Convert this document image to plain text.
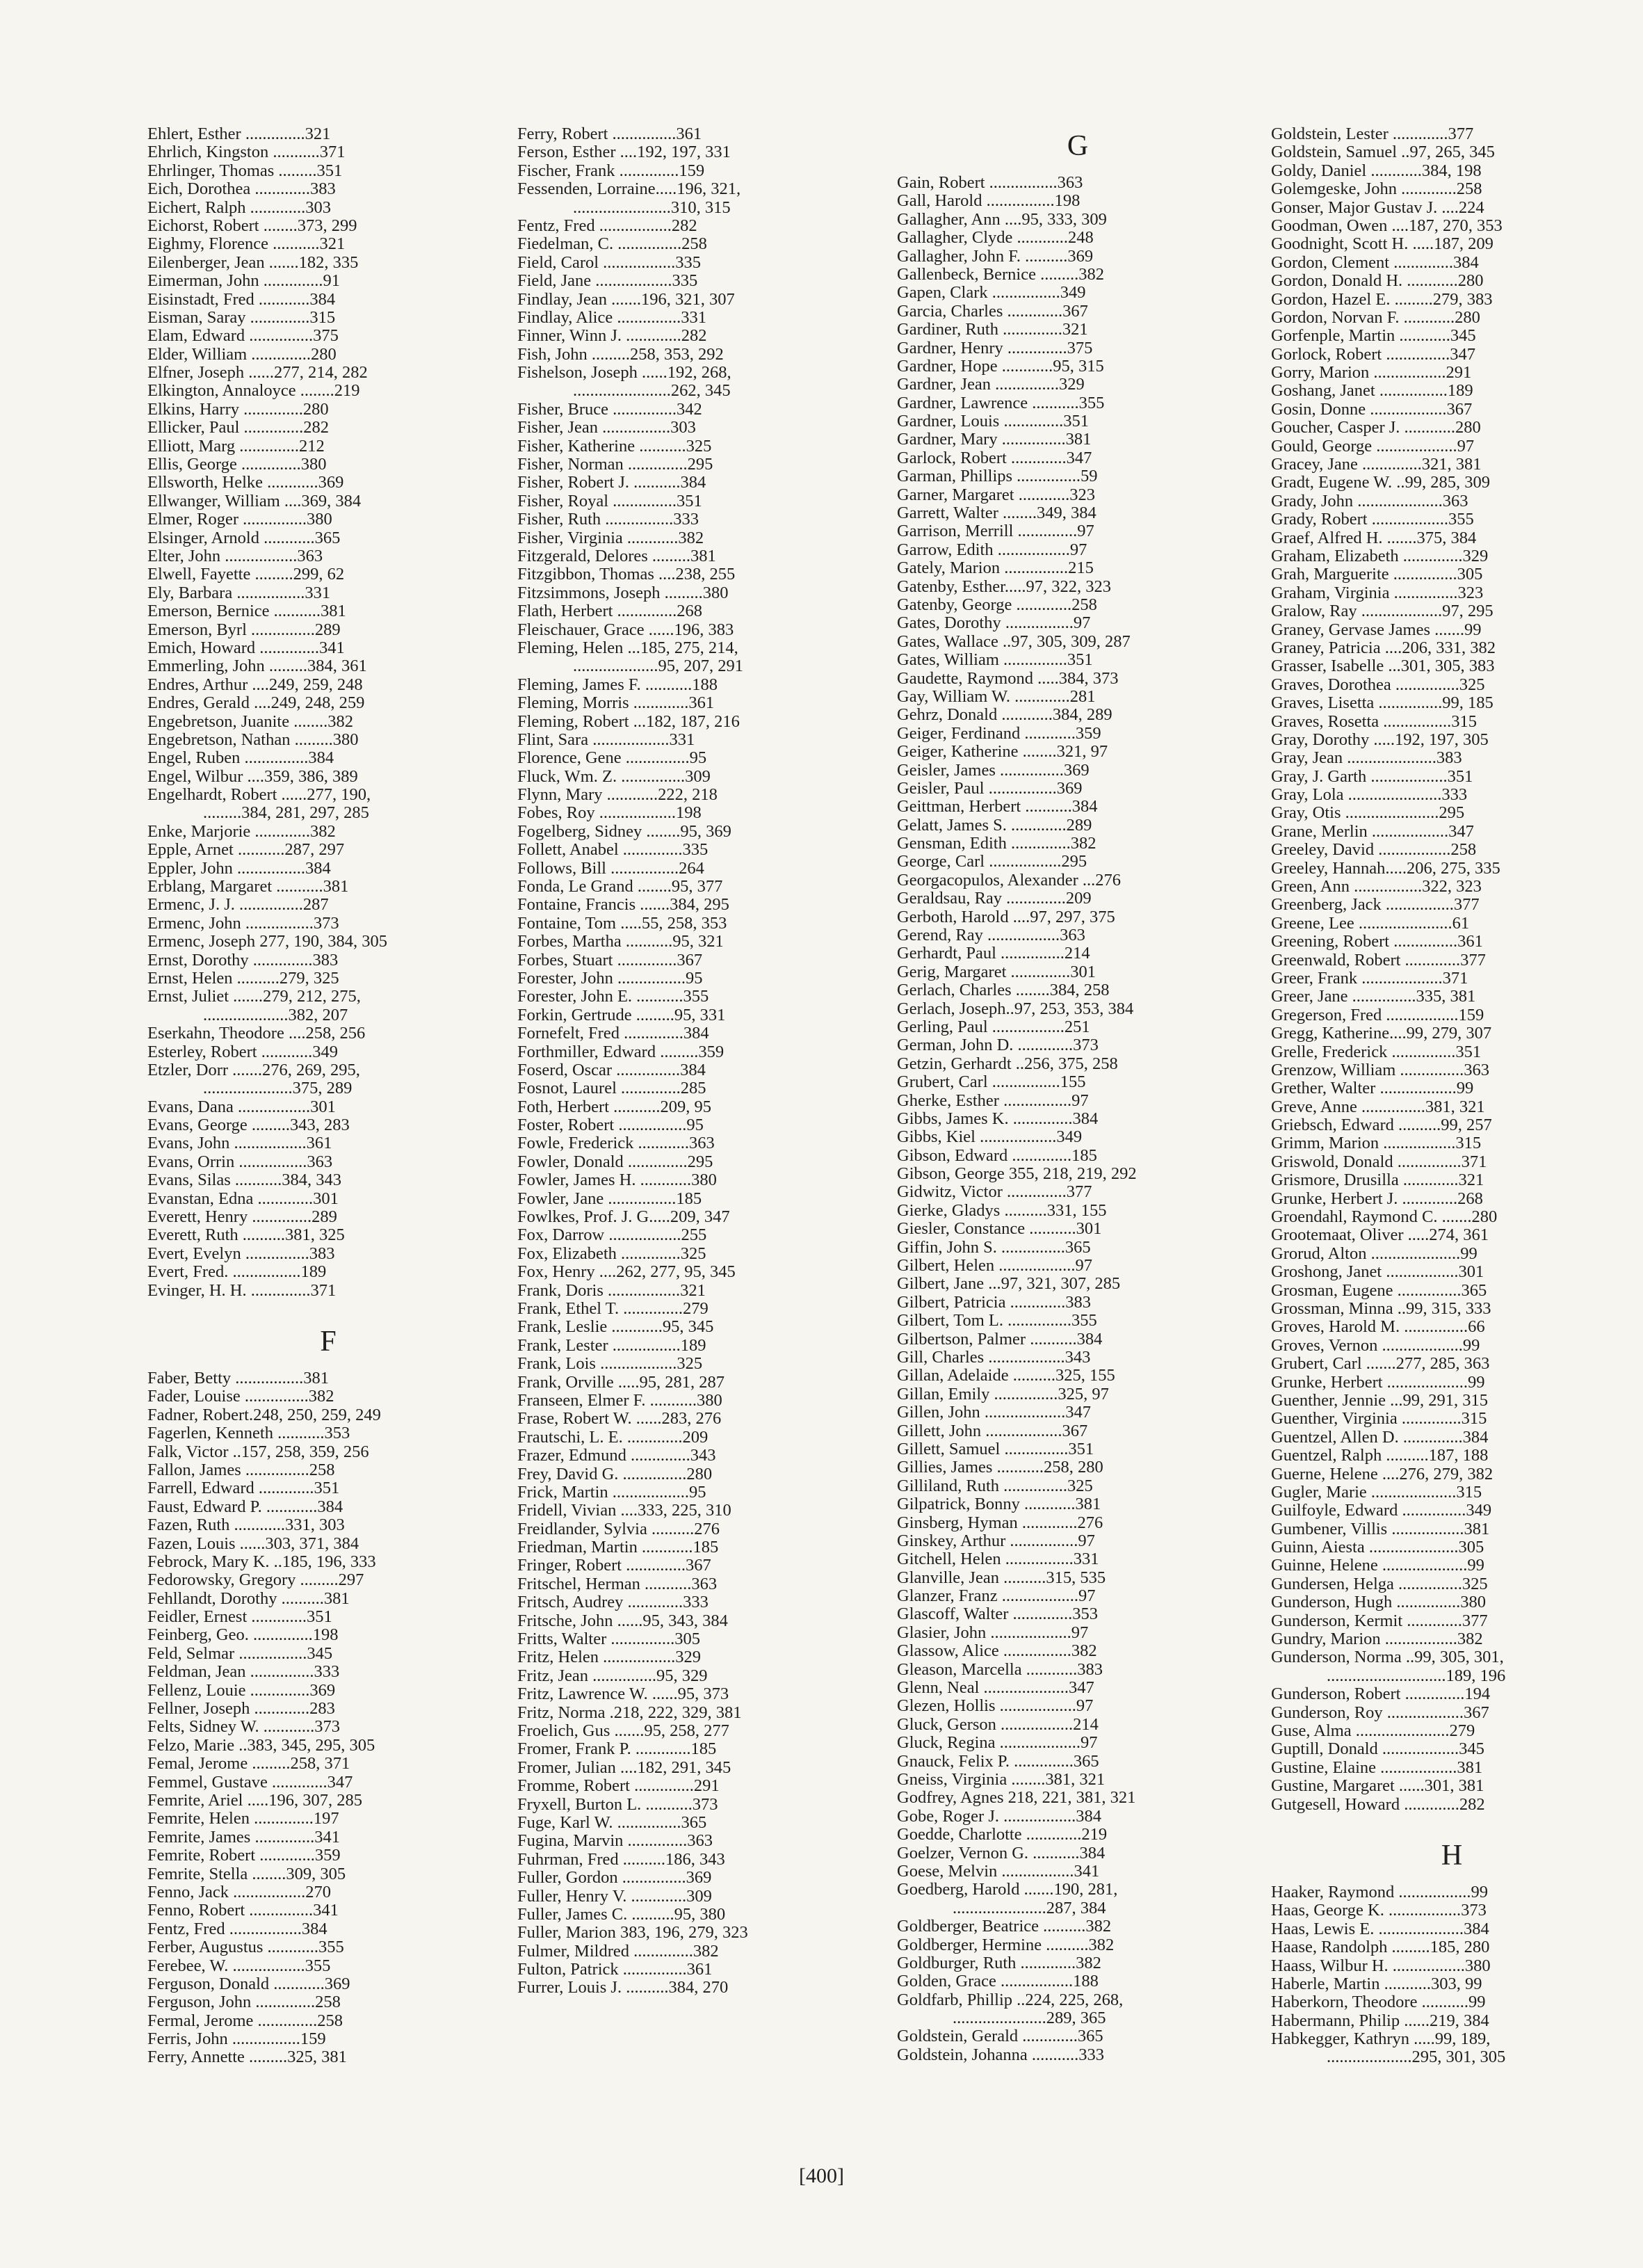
Ehlert, Esther ..............321
Ehrlich, Kingston ...........371
Ehrlinger, Thomas .........351
Eich, Dorothea .............383
Eichert, Ralph .............303
Eichorst, Robert ........373, 299
Eighmy, Florence ...........321
Eilenberger, Jean .......182, 335
Eimerman, John ..............91
Eisinstadt, Fred ............384
Eisman, Saray ..............315
Elam, Edward ...............375
Elder, William ..............280
Elfner, Joseph ......277, 214, 282
Elkington, Annaloyce ........219
Elkins, Harry ..............280
Ellicker, Paul ..............282
Elliott, Marg ..............212
Ellis, George ..............380
Ellsworth, Helke ............369
Ellwanger, William ....369, 384
Elmer, Roger ...............380
Elsinger, Arnold ............365
Elter, John .................363
Elwell, Fayette .........299, 62
Ely, Barbara ................331
Emerson, Bernice ...........381
Emerson, Byrl ...............289
Emich, Howard ..............341
Emmerling, John .........384, 361
Endres, Arthur ....249, 259, 248
Endres, Gerald ....249, 248, 259
Engebretson, Juanite ........382
Engebretson, Nathan .........380
Engel, Ruben ...............384
Engel, Wilbur ....359, 386, 389
Engelhardt, Robert ......277, 190,
.........384, 281, 297, 285
Enke, Marjorie .............382
Epple, Arnet ...........287, 297
Eppler, John ................384
Erblang, Margaret ...........381
Ermenc, J. J. ...............287
Ermenc, John ................373
Ermenc, Joseph 277, 190, 384, 305
Ernst, Dorothy ..............383
Ernst, Helen ..........279, 325
Ernst, Juliet .......279, 212, 275,
....................382, 207
Eserkahn, Theodore ....258, 256
Esterley, Robert ............349
Etzler, Dorr .......276, 269, 295,
.....................375, 289
Evans, Dana .................301
Evans, George .........343, 283
Evans, John .................361
Evans, Orrin ................363
Evans, Silas ...........384, 343
Evanstan, Edna .............301
Everett, Henry ..............289
Everett, Ruth ..........381, 325
Evert, Evelyn ...............383
Evert, Fred. ................189
Evinger, H. H. ..............371
F
Faber, Betty ................381
Fader, Louise ...............382
Fadner, Robert.248, 250, 259, 249
Fagerlen, Kenneth ...........353
Falk, Victor ..157, 258, 359, 256
Fallon, James ...............258
Farrell, Edward .............351
Faust, Edward P. ............384
Fazen, Ruth ............331, 303
Fazen, Louis ......303, 371, 384
Febrock, Mary K. ..185, 196, 333
Fedorowsky, Gregory .........297
Fehllandt, Dorothy ..........381
Feidler, Ernest .............351
Feinberg, Geo. ..............198
Feld, Selmar ................345
Feldman, Jean ...............333
Fellenz, Louie ..............369
Fellner, Joseph .............283
Felts, Sidney W. ............373
Felzo, Marie ..383, 345, 295, 305
Femal, Jerome .........258, 371
Femmel, Gustave .............347
Femrite, Ariel .....196, 307, 285
Femrite, Helen ..............197
Femrite, James ..............341
Femrite, Robert .............359
Femrite, Stella ........309, 305
Fenno, Jack .................270
Fenno, Robert ...............341
Fentz, Fred .................384
Ferber, Augustus ............355
Ferebee, W. .................355
Ferguson, Donald ............369
Ferguson, John ..............258
Fermal, Jerome ..............258
Ferris, John ................159
Ferry, Annette .........325, 381
Ferry, Robert ...............361
Ferson, Esther ....192, 197, 331
Fischer, Frank ..............159
Fessenden, Lorraine.....196, 321,
.......................310, 315
Fentz, Fred .................282
Fiedelman, C. ...............258
Field, Carol .................335
Field, Jane ..................335
Findlay, Jean .......196, 321, 307
Findlay, Alice ...............331
Finner, Winn J. .............282
Fish, John .........258, 353, 292
Fishelson, Joseph ......192, 268,
.......................262, 345
Fisher, Bruce ...............342
Fisher, Jean ................303
Fisher, Katherine ...........325
Fisher, Norman ..............295
Fisher, Robert J. ...........384
Fisher, Royal ...............351
Fisher, Ruth ................333
Fisher, Virginia ............382
Fitzgerald, Delores .........381
Fitzgibbon, Thomas ....238, 255
Fitzsimmons, Joseph .........380
Flath, Herbert ..............268
Fleischauer, Grace ......196, 383
Fleming, Helen ...185, 275, 214,
....................95, 207, 291
Fleming, James F. ...........188
Fleming, Morris .............361
Fleming, Robert ...182, 187, 216
Flint, Sara ..................331
Florence, Gene ...............95
Fluck, Wm. Z. ...............309
Flynn, Mary ............222, 218
Fobes, Roy ..................198
Fogelberg, Sidney ........95, 369
Follett, Anabel ..............335
Follows, Bill ................264
Fonda, Le Grand ........95, 377
Fontaine, Francis .......384, 295
Fontaine, Tom .....55, 258, 353
Forbes, Martha ...........95, 321
Forbes, Stuart ..............367
Forester, John ................95
Forester, John E. ...........355
Forkin, Gertrude .........95, 331
Fornefelt, Fred ..............384
Forthmiller, Edward .........359
Foserd, Oscar ...............384
Fosnot, Laurel ..............285
Foth, Herbert ...........209, 95
Foster, Robert ................95
Fowle, Frederick ............363
Fowler, Donald ..............295
Fowler, James H. ............380
Fowler, Jane ................185
Fowlkes, Prof. J. G.....209, 347
Fox, Darrow .................255
Fox, Elizabeth ..............325
Fox, Henry ....262, 277, 95, 345
Frank, Doris .................321
Frank, Ethel T. ..............279
Frank, Leslie ............95, 345
Frank, Lester ................189
Frank, Lois ..................325
Frank, Orville .....95, 281, 287
Franseen, Elmer F. ...........380
Frase, Robert W. ......283, 276
Frautschi, L. E. .............209
Frazer, Edmund ..............343
Frey, David G. ...............280
Frick, Martin ..................95
Fridell, Vivian ....333, 225, 310
Freidlander, Sylvia ..........276
Friedman, Martin ............185
Fringer, Robert ..............367
Fritschel, Herman ...........363
Fritsch, Audrey .............333
Fritsche, John ......95, 343, 384
Fritts, Walter ...............305
Fritz, Helen .................329
Fritz, Jean ...............95, 329
Fritz, Lawrence W. ......95, 373
Fritz, Norma .218, 222, 329, 381
Froelich, Gus .......95, 258, 277
Fromer, Frank P. .............185
Fromer, Julian ....182, 291, 345
Fromme, Robert ..............291
Fryxell, Burton L. ...........373
Fuge, Karl W. ...............365
Fugina, Marvin ..............363
Fuhrman, Fred ..........186, 343
Fuller, Gordon ...............369
Fuller, Henry V. .............309
Fuller, James C. ..........95, 380
Fuller, Marion 383, 196, 279, 323
Fulmer, Mildred ..............382
Fulton, Patrick ...............361
Furrer, Louis J. ..........384, 270
G
Gain, Robert ................363
Gall, Harold ................198
Gallagher, Ann ....95, 333, 309
Gallagher, Clyde ............248
Gallagher, John F. ..........369
Gallenbeck, Bernice .........382
Gapen, Clark ................349
Garcia, Charles .............367
Gardiner, Ruth ..............321
Gardner, Henry ..............375
Gardner, Hope ............95, 315
Gardner, Jean ...............329
Gardner, Lawrence ...........355
Gardner, Louis ..............351
Gardner, Mary ...............381
Garlock, Robert .............347
Garman, Phillips ...............59
Garner, Margaret ............323
Garrett, Walter ........349, 384
Garrison, Merrill ..............97
Garrow, Edith .................97
Gately, Marion ...............215
Gatenby, Esther.....97, 322, 323
Gatenby, George .............258
Gates, Dorothy ................97
Gates, Wallace ..97, 305, 309, 287
Gates, William ...............351
Gaudette, Raymond .....384, 373
Gay, William W. .............281
Gehrz, Donald ............384, 289
Geiger, Ferdinand ............359
Geiger, Katherine ........321, 97
Geisler, James ...............369
Geisler, Paul ................369
Geittman, Herbert ...........384
Gelatt, James S. .............289
Gensman, Edith ..............382
George, Carl .................295
Georgacopulos, Alexander ...276
Geraldsau, Ray ..............209
Gerboth, Harold ....97, 297, 375
Gerend, Ray .................363
Gerhardt, Paul ...............214
Gerig, Margaret ..............301
Gerlach, Charles ........384, 258
Gerlach, Joseph..97, 253, 353, 384
Gerling, Paul .................251
German, John D. .............373
Getzin, Gerhardt ..256, 375, 258
Grubert, Carl ................155
Gherke, Esther ................97
Gibbs, James K. ..............384
Gibbs, Kiel ..................349
Gibson, Edward ..............185
Gibson, George 355, 218, 219, 292
Gidwitz, Victor ..............377
Gierke, Gladys ..........331, 155
Giesler, Constance ...........301
Giffin, John S. ...............365
Gilbert, Helen ..................97
Gilbert, Jane ...97, 321, 307, 285
Gilbert, Patricia .............383
Gilbert, Tom L. ...............355
Gilbertson, Palmer ...........384
Gill, Charles ..................343
Gillan, Adelaide ..........325, 155
Gillan, Emily ...............325, 97
Gillen, John ...................347
Gillett, John ..................367
Gillett, Samuel ...............351
Gillies, James ...........258, 280
Gilliland, Ruth ...............325
Gilpatrick, Bonny ............381
Ginsberg, Hyman .............276
Ginskey, Arthur ................97
Gitchell, Helen ................331
Glanville, Jean ..........315, 535
Glanzer, Franz ..................97
Glascoff, Walter ..............353
Glasier, John ...................97
Glassow, Alice ................382
Gleason, Marcella ............383
Glenn, Neal ....................347
Glezen, Hollis ..................97
Gluck, Gerson .................214
Gluck, Regina ...................97
Gnauck, Felix P. ..............365
Gneiss, Virginia ........381, 321
Godfrey, Agnes 218, 221, 381, 321
Gobe, Roger J. .................384
Goedde, Charlotte .............219
Goelzer, Vernon G. ...........384
Goese, Melvin .................341
Goedberg, Harold .......190, 281,
......................287, 384
Goldberger, Beatrice ..........382
Goldberger, Hermine ..........382
Goldburger, Ruth .............382
Golden, Grace .................188
Goldfarb, Phillip ..224, 225, 268,
......................289, 365
Goldstein, Gerald .............365
Goldstein, Johanna ...........333
Goldstein, Lester .............377
Goldstein, Samuel ..97, 265, 345
Goldy, Daniel ............384, 198
Golemgeske, John .............258
Gonser, Major Gustav J. ....224
Goodman, Owen ....187, 270, 353
Goodnight, Scott H. .....187, 209
Gordon, Clement ..............384
Gordon, Donald H. ............280
Gordon, Hazel E. .........279, 383
Gordon, Norvan F. ............280
Gorfenple, Martin ............345
Gorlock, Robert ...............347
Gorry, Marion .................291
Goshang, Janet ................189
Gosin, Donne ..................367
Goucher, Casper J. ............280
Gould, George ...................97
Gracey, Jane ..............321, 381
Gradt, Eugene W. ..99, 285, 309
Grady, John ....................363
Grady, Robert ..................355
Graef, Alfred H. .......375, 384
Graham, Elizabeth ..............329
Grah, Marguerite ...............305
Graham, Virginia ...............323
Gralow, Ray ...................97, 295
Graney, Gervase James .......99
Graney, Patricia ....206, 331, 382
Grasser, Isabelle ...301, 305, 383
Graves, Dorothea ...............325
Graves, Lisetta ...............99, 185
Graves, Rosetta ................315
Gray, Dorothy .....192, 197, 305
Gray, Jean .....................383
Gray, J. Garth ..................351
Gray, Lola ......................333
Gray, Otis ......................295
Grane, Merlin ..................347
Greeley, David .................258
Greeley, Hannah.....206, 275, 335
Green, Ann ................322, 323
Greenberg, Jack ................377
Greene, Lee ......................61
Greening, Robert ...............361
Greenwald, Robert .............377
Greer, Frank ...................371
Greer, Jane ...............335, 381
Gregerson, Fred .................159
Gregg, Katherine....99, 279, 307
Grelle, Frederick ...............351
Grenzow, William ...............363
Grether, Walter ..................99
Greve, Anne ...............381, 321
Griebsch, Edward ..........99, 257
Grimm, Marion .................315
Griswold, Donald ...............371
Grismore, Drusilla .............321
Grunke, Herbert J. .............268
Groendahl, Raymond C. .......280
Grootemaat, Oliver .....274, 361
Grorud, Alton .....................99
Groshong, Janet .................301
Grosman, Eugene ...............365
Grossman, Minna ..99, 315, 333
Groves, Harold M. ...............66
Groves, Vernon ...................99
Grubert, Carl .......277, 285, 363
Grunke, Herbert ...................99
Guenther, Jennie ...99, 291, 315
Guenther, Virginia ..............315
Guentzel, Allen D. ..............384
Guentzel, Ralph ..........187, 188
Guerne, Helene ....276, 279, 382
Gugler, Marie ....................315
Guilfoyle, Edward ...............349
Gumbener, Villis .................381
Guinn, Aiesta .....................305
Guinne, Helene ....................99
Gundersen, Helga ...............325
Gunderson, Hugh ...............380
Gunderson, Kermit .............377
Gundry, Marion .................382
Gunderson, Norma ..99, 305, 301,
............................189, 196
Gunderson, Robert ..............194
Gunderson, Roy ..................367
Guse, Alma ......................279
Guptill, Donald ..................345
Gustine, Elaine ..................381
Gustine, Margaret ......301, 381
Gutgesell, Howard .............282
H
Haaker, Raymond .................99
Haas, George K. .................373
Haas, Lewis E. ....................384
Haase, Randolph .........185, 280
Haass, Wilbur H. .................380
Haberle, Martin ...........303, 99
Haberkorn, Theodore ...........99
Habermann, Philip ......219, 384
Habkegger, Kathryn .....99, 189,
....................295, 301, 305
[400]
